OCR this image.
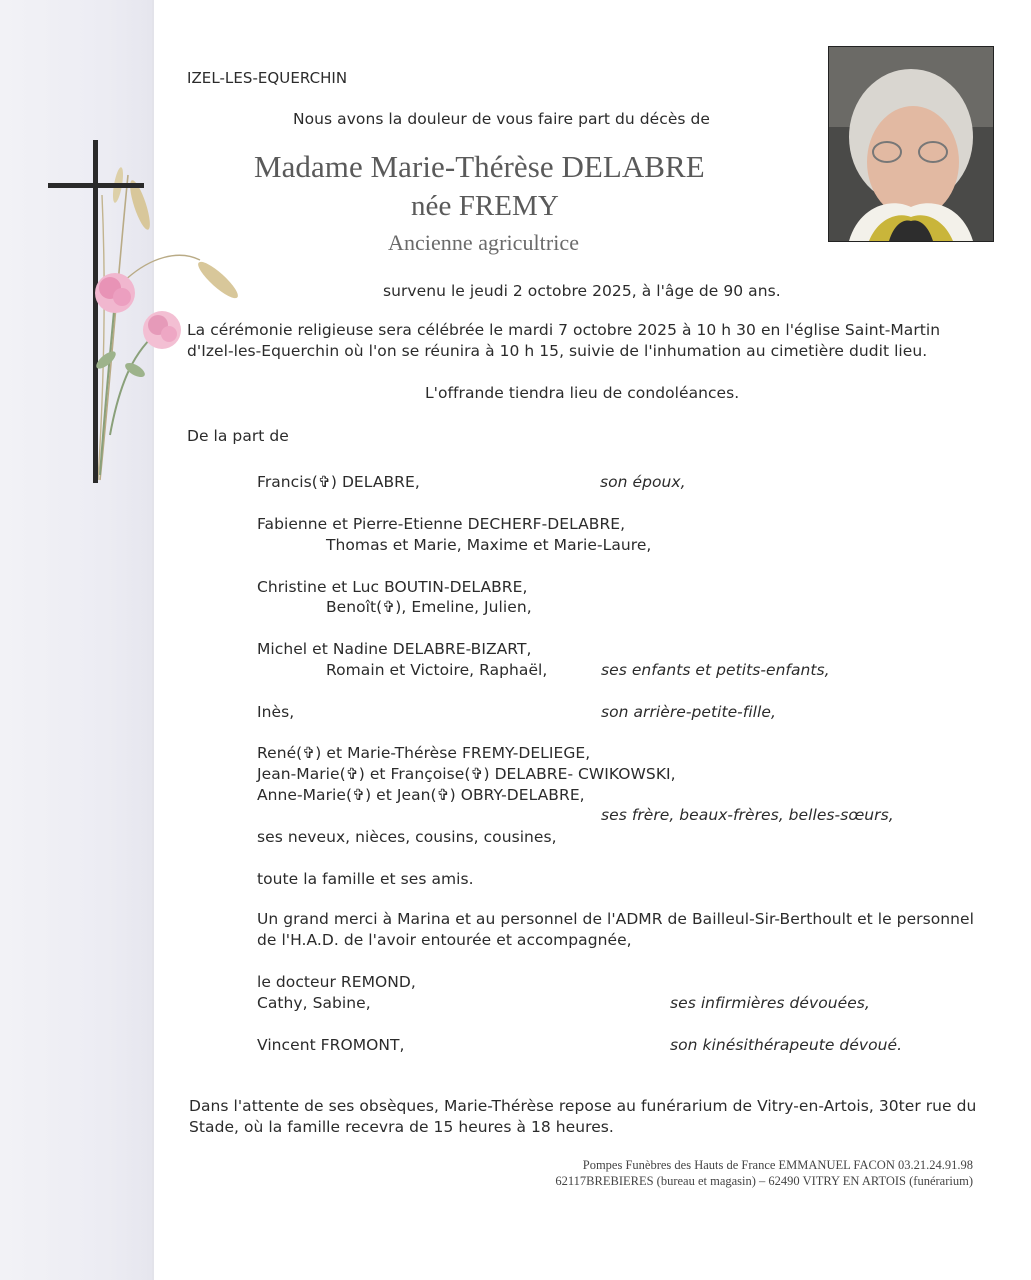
IZEL-LES-EQUERCHIN
Nous avons la douleur de vous faire part du décès de
Madame Marie-Thérèse DELABRE
née FREMY
Ancienne agricultrice
survenu le jeudi 2 octobre 2025, à l'âge de 90 ans.
La cérémonie religieuse sera célébrée le mardi 7 octobre 2025 à 10 h 30 en l'église Saint-Martin
d'Izel-les-Equerchin où l'on se réunira à 10 h 15, suivie de l'inhumation au cimetière dudit lieu.
L'offrande tiendra lieu de condoléances.
De la part de
Francis(✞) DELABRE,	son époux,
Fabienne et Pierre-Etienne DECHERF-DELABRE,
Thomas et Marie, Maxime et Marie-Laure,
Christine et Luc BOUTIN-DELABRE,
Benoît(✞), Emeline, Julien,
Michel et Nadine DELABRE-BIZART,
Romain et Victoire, Raphaël,	ses enfants et petits-enfants,
Inès,	son arrière-petite-fille,
René(✞) et Marie-Thérèse FREMY-DELIEGE,
Jean-Marie(✞) et Françoise(✞) DELABRE- CWIKOWSKI,
Anne-Marie(✞) et Jean(✞) OBRY-DELABRE,
ses frère, beaux-frères, belles-sœurs,
ses neveux, nièces, cousins, cousines,
toute la famille et ses amis.
Un grand merci à Marina et au personnel de l'ADMR de Bailleul-Sir-Berthoult et le personnel
de l'H.A.D. de l'avoir entourée et accompagnée,
le docteur REMOND,
Cathy, Sabine,	ses infirmières dévouées,
Vincent FROMONT,	son kinésithérapeute dévoué.
Dans l'attente de ses obsèques, Marie-Thérèse repose au funérarium de Vitry-en-Artois, 30ter rue du
Stade, où la famille recevra de 15 heures à 18 heures.
Pompes Funèbres des Hauts de France EMMANUEL FACON 03.21.24.91.98
62117BREBIERES (bureau et magasin) – 62490 VITRY EN ARTOIS (funérarium)
